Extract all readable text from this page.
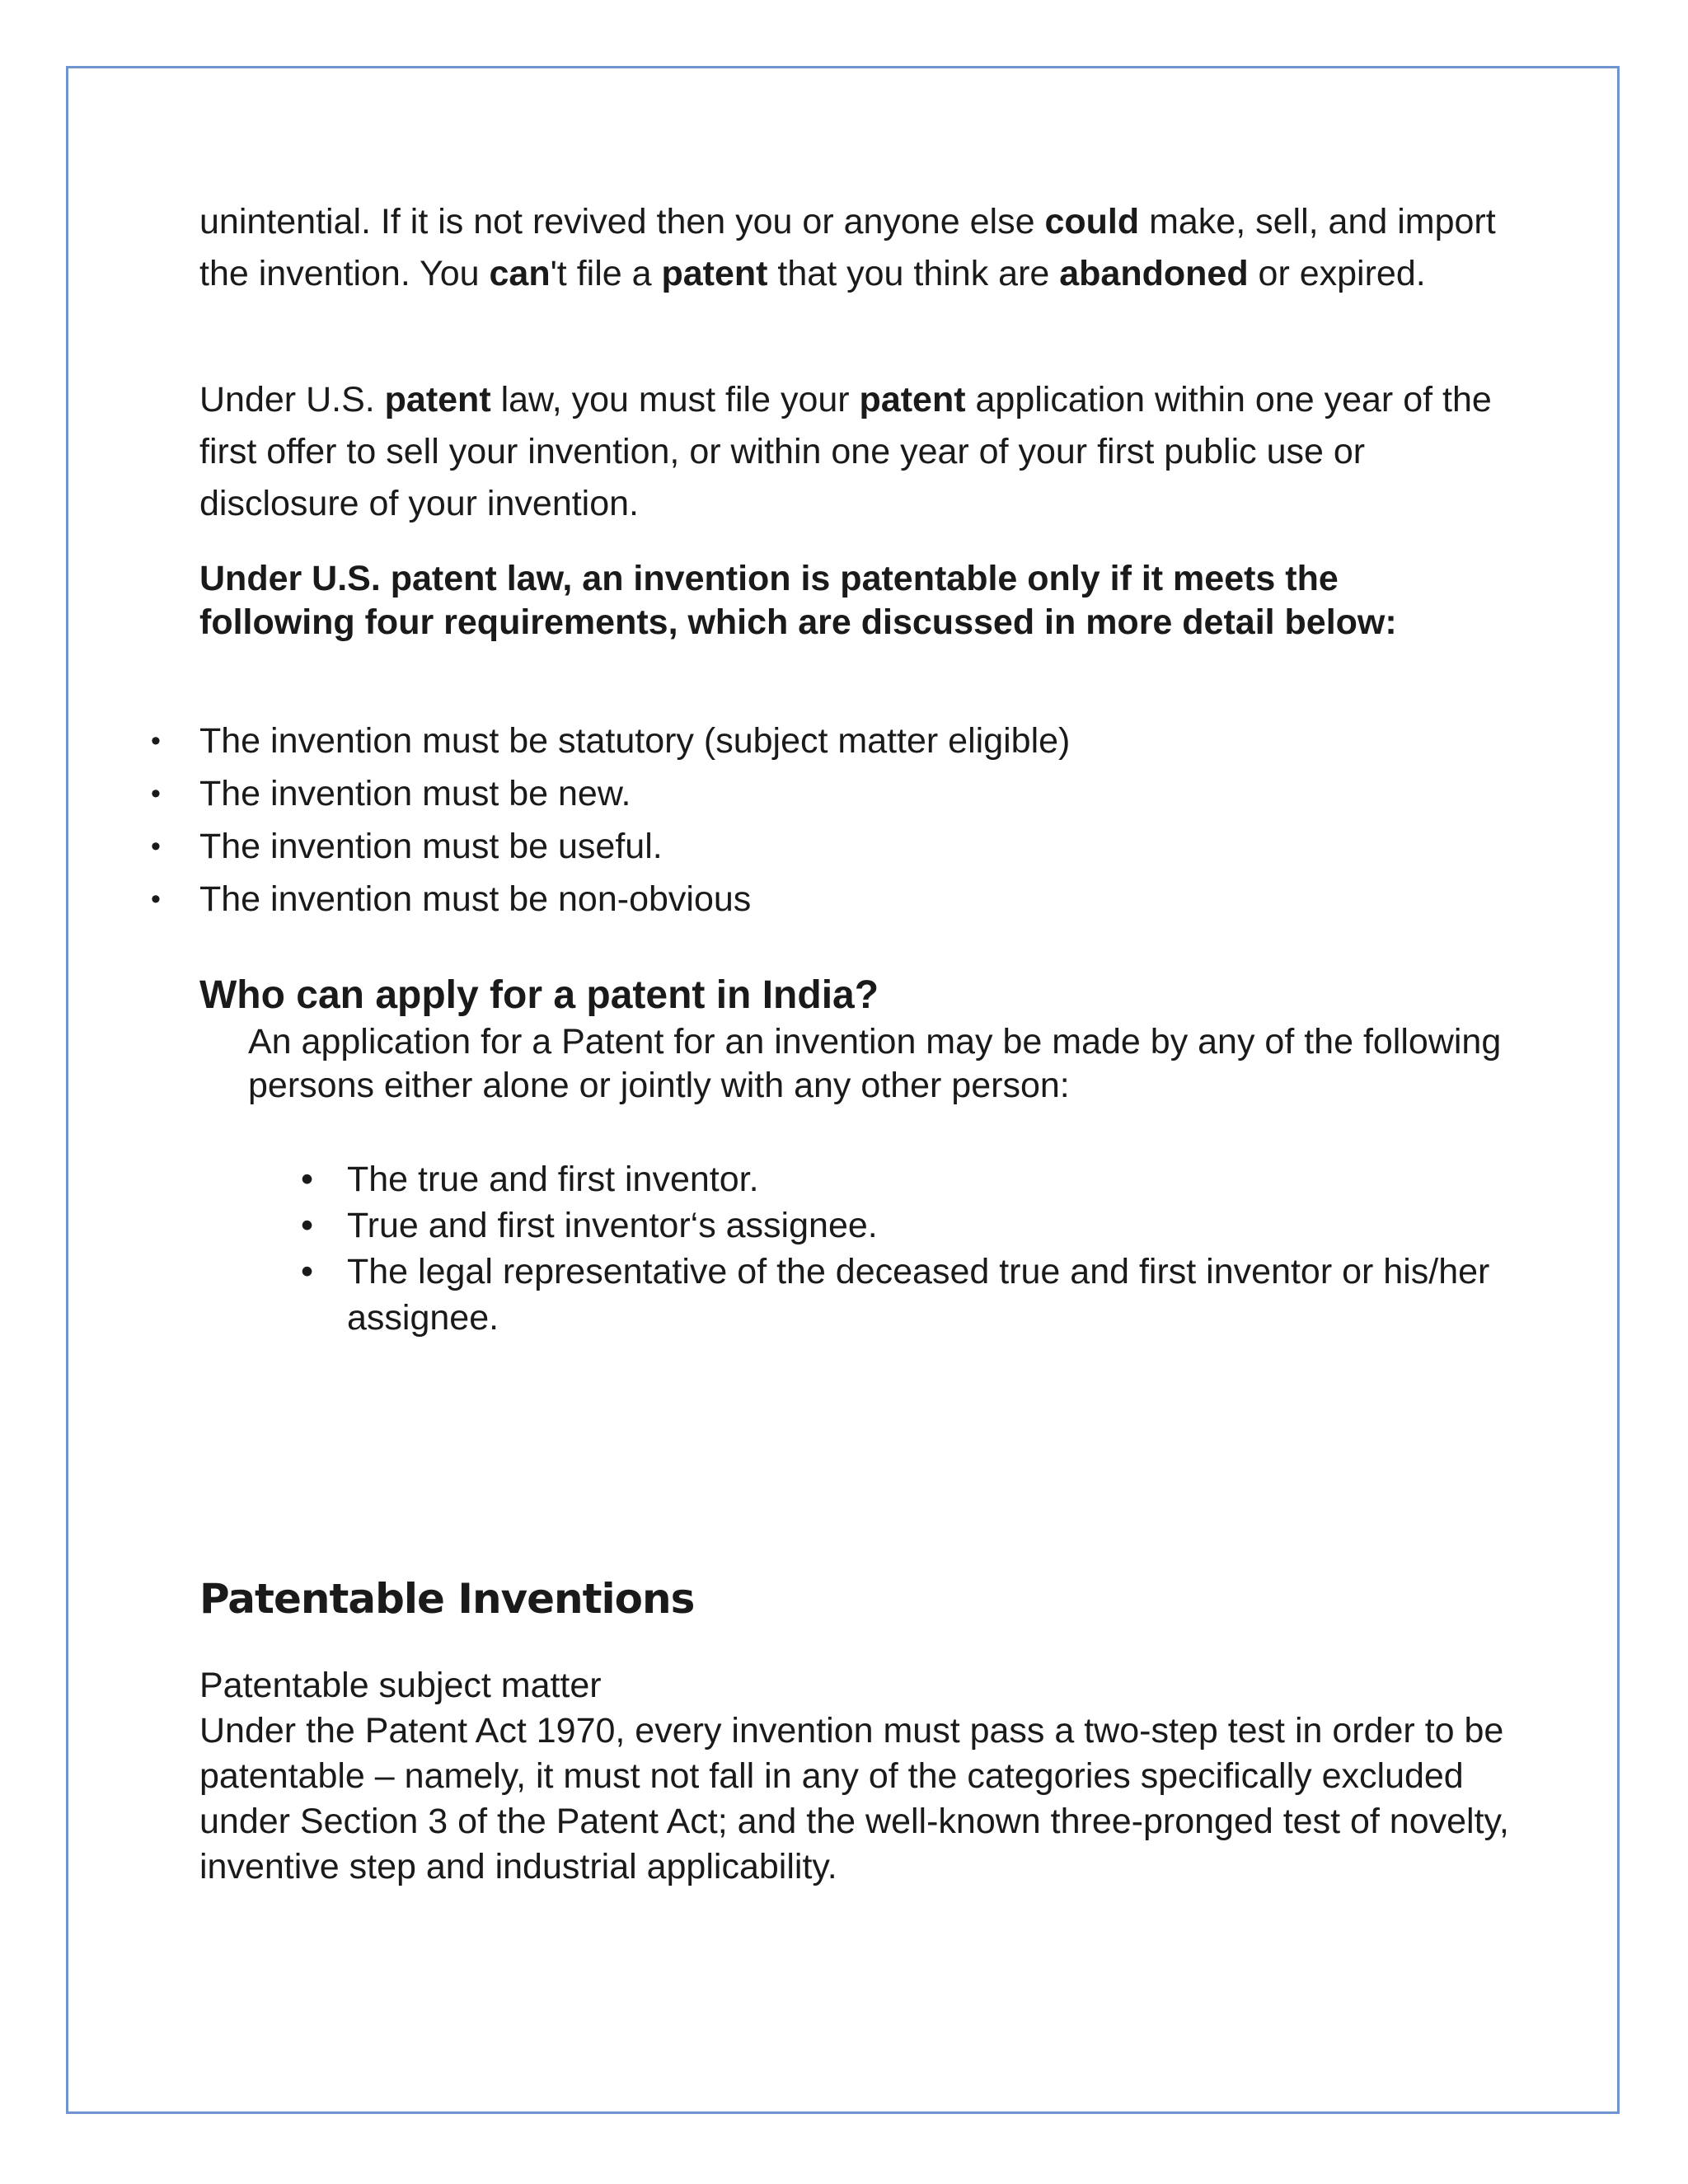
unintential. If it is not revived then you or anyone else could make, sell, and import the invention. You can't file a patent that you think are abandoned or expired.

Under U.S. patent law, you must file your patent application within one year of the first offer to sell your invention, or within one year of your first public use or disclosure of your invention.

Under U.S. patent law, an invention is patentable only if it meets the following four requirements, which are discussed in more detail below:

• The invention must be statutory (subject matter eligible)
• The invention must be new.
• The invention must be useful.
• The invention must be non-obvious
Who can apply for a patent in India?

An application for a Patent for an invention may be made by any of the following persons either alone or jointly with any other person:

• The true and first inventor.
• True and first inventor‘s assignee.
• The legal representative of the deceased true and first inventor or his/her assignee.
Patentable Inventions

Patentable subject matter

Under the Patent Act 1970, every invention must pass a two-step test in order to be patentable – namely, it must not fall in any of the categories specifically excluded under Section 3 of the Patent Act; and the well-known three-pronged test of novelty, inventive step and industrial applicability.
